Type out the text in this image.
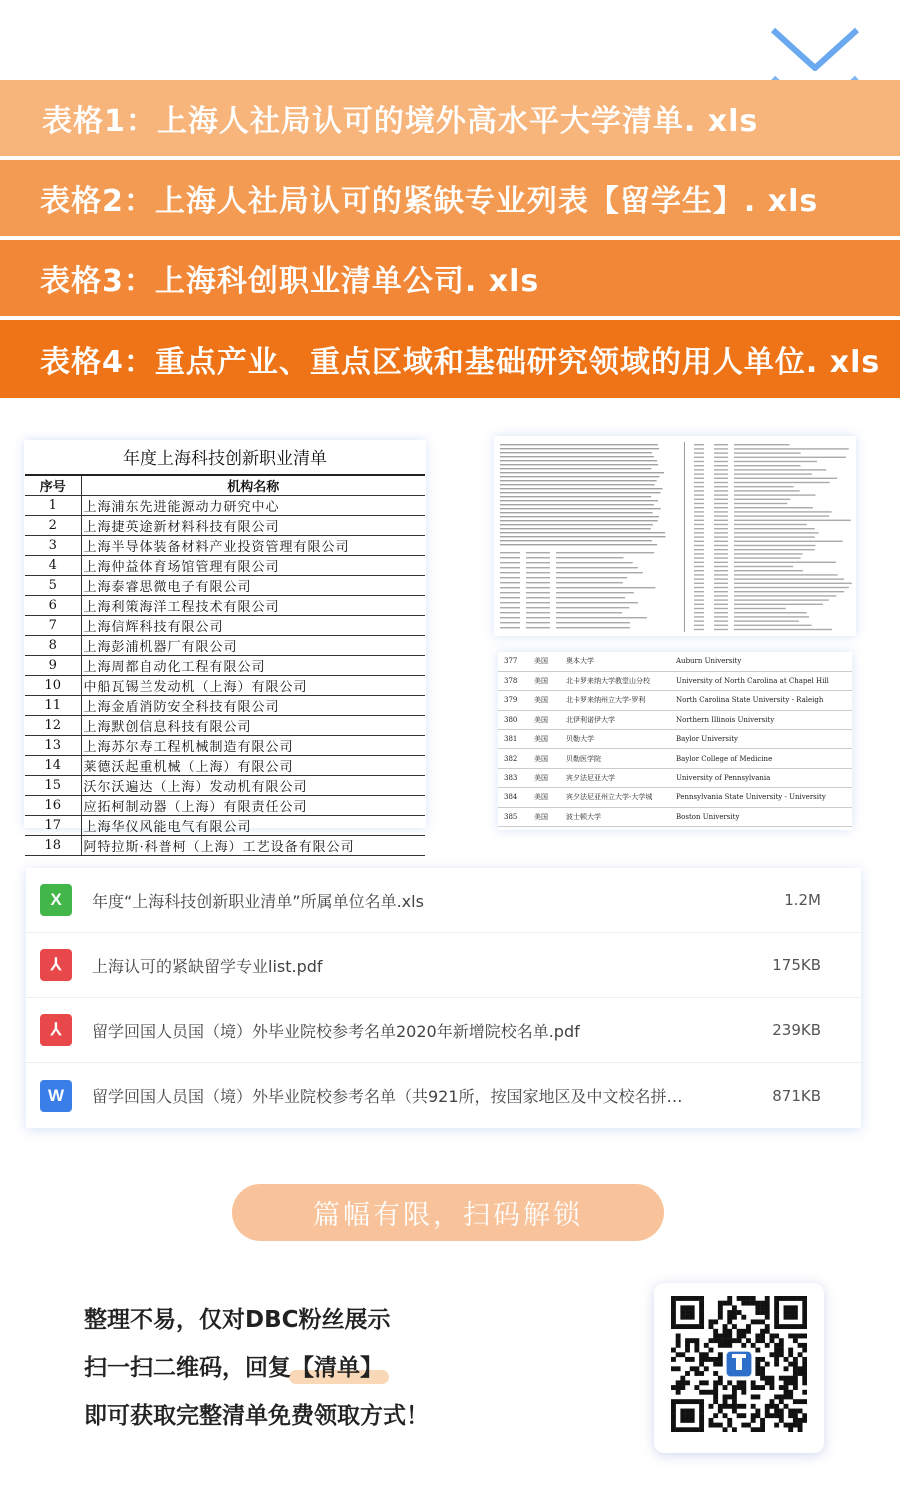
表格1：上海人社局认可的境外高水平大学清单. xls
表格2：上海人社局认可的紧缺专业列表【留学生】. xls
表格3：上海科创职业清单公司. xls
表格4：重点产业、重点区域和基础研究领域的用人单位. xls
年度上海科技创新职业清单
序号	机构名称
1	上海浦东先进能源动力研究中心
2	上海捷英途新材料科技有限公司
3	上海半导体装备材料产业投资管理有限公司
4	上海仲益体育场馆管理有限公司
5	上海泰睿思微电子有限公司
6	上海利策海洋工程技术有限公司
7	上海信辉科技有限公司
8	上海彭浦机器厂有限公司
9	上海周都自动化工程有限公司
10	中船瓦锡兰发动机（上海）有限公司
11	上海金盾消防安全科技有限公司
12	上海默创信息科技有限公司
13	上海苏尔寿工程机械制造有限公司
14	莱德沃起重机械（上海）有限公司
15	沃尔沃遍达（上海）发动机有限公司
16	应拓柯制动器（上海）有限责任公司
17	上海华仪风能电气有限公司
18	阿特拉斯·科普柯（上海）工艺设备有限公司
377	美国	奥本大学	Auburn University
378	美国	北卡罗来纳大学教堂山分校	University of North Carolina at Chapel Hill
379	美国	北卡罗来纳州立大学-罗利	North Carolina State University - Raleigh
380	美国	北伊利诺伊大学	Northern Illinois University
381	美国	贝勒大学	Baylor University
382	美国	贝勒医学院	Baylor College of Medicine
383	美国	宾夕法尼亚大学	University of Pennsylvania
384	美国	宾夕法尼亚州立大学-大学城	Pennsylvania State University - University
385	美国	波士顿大学	Boston University
X	年度“上海科技创新职业清单”所属单位名单.xls	1.2M
⅄	上海认可的紧缺留学专业list.pdf	175KB
⅄	留学回国人员国（境）外毕业院校参考名单2020年新增院校名单.pdf	239KB
W	留学回国人员国（境）外毕业院校参考名单（共921所，按国家地区及中文校名拼…	871KB
篇幅有限，扫码解锁
整理不易，仅对DBC粉丝展示
扫一扫二维码，回复【清单】
即可获取完整清单免费领取方式！
